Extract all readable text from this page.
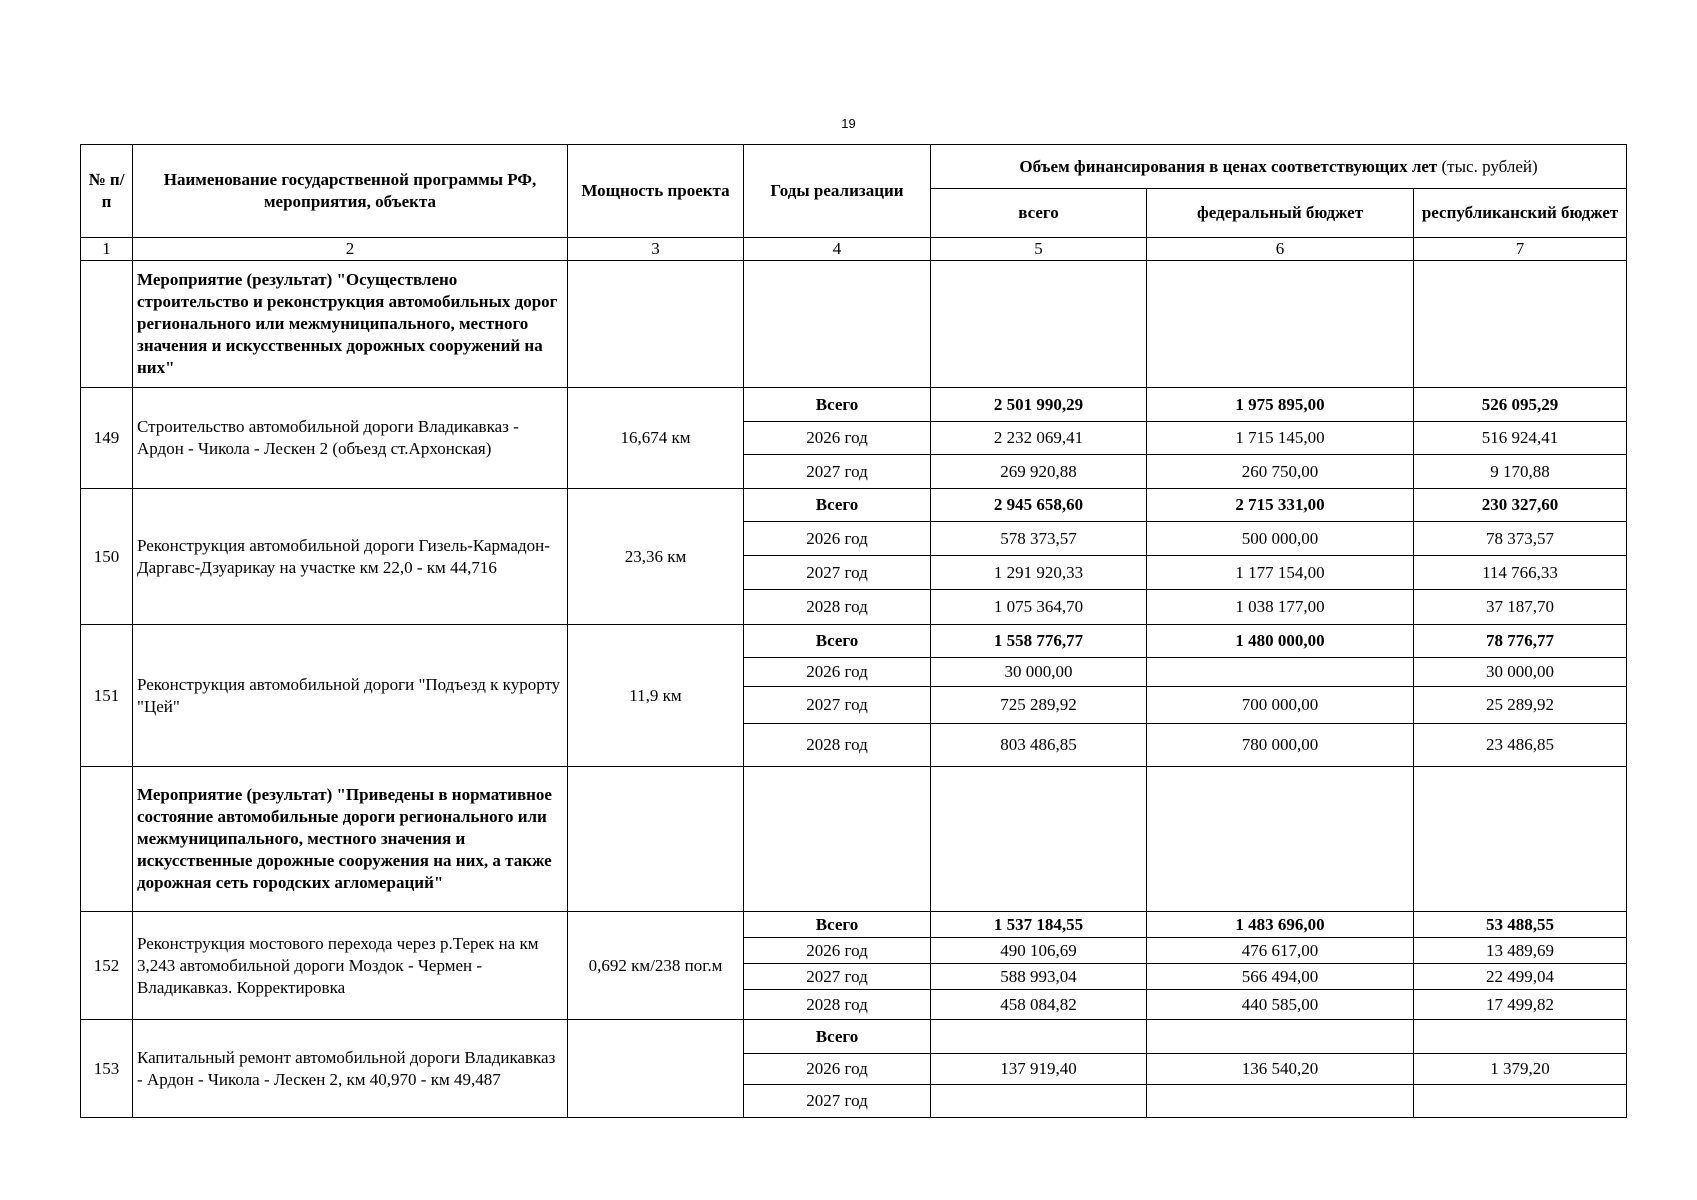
19
№ п/п	Наименование государственной программы РФ, мероприятия, объекта	Мощность проекта	Годы реализации	Объем финансирования в ценах соответствующих лет (тыс. рублей)		
				всего	федеральный бюджет	республиканский бюджет
1	2	3	4	5	6	7
	Мероприятие (результат) "Осуществлено строительство и реконструкция автомобильных дорог регионального или межмуниципального, местного значения и искусственных дорожных сооружений на них"					
149	Строительство автомобильной дороги Владикавказ - Ардон - Чикола - Лескен 2 (объезд ст.Архонская)	16,674 км	Всего	2 501 990,29	1 975 895,00	526 095,29
			2026 год	2 232 069,41	1 715 145,00	516 924,41
			2027 год	269 920,88	260 750,00	9 170,88
150	Реконструкция автомобильной дороги Гизель-Кармадон-Даргавс-Дзуарикау на участке км 22,0 - км 44,716	23,36 км	Всего	2 945 658,60	2 715 331,00	230 327,60
			2026 год	578 373,57	500 000,00	78 373,57
			2027 год	1 291 920,33	1 177 154,00	114 766,33
			2028 год	1 075 364,70	1 038 177,00	37 187,70
151	Реконструкция автомобильной дороги "Подъезд к курорту "Цей"	11,9 км	Всего	1 558 776,77	1 480 000,00	78 776,77
			2026 год	30 000,00		30 000,00
			2027 год	725 289,92	700 000,00	25 289,92
			2028 год	803 486,85	780 000,00	23 486,85
	Мероприятие (результат) "Приведены в нормативное состояние автомобильные дороги регионального или межмуниципального, местного значения и искусственные дорожные сооружения на них, а также дорожная сеть городских агломераций"					
152	Реконструкция мостового перехода через р.Терек на км 3,243 автомобильной дороги Моздок - Чермен - Владикавказ. Корректировка	0,692 км/238 пог.м	Всего	1 537 184,55	1 483 696,00	53 488,55
			2026 год	490 106,69	476 617,00	13 489,69
			2027 год	588 993,04	566 494,00	22 499,04
			2028 год	458 084,82	440 585,00	17 499,82
153	Капитальный ремонт автомобильной дороги Владикавказ - Ардон - Чикола - Лескен 2, км 40,970 - км 49,487		Всего			
			2026 год	137 919,40	136 540,20	1 379,20
			2027 год			
